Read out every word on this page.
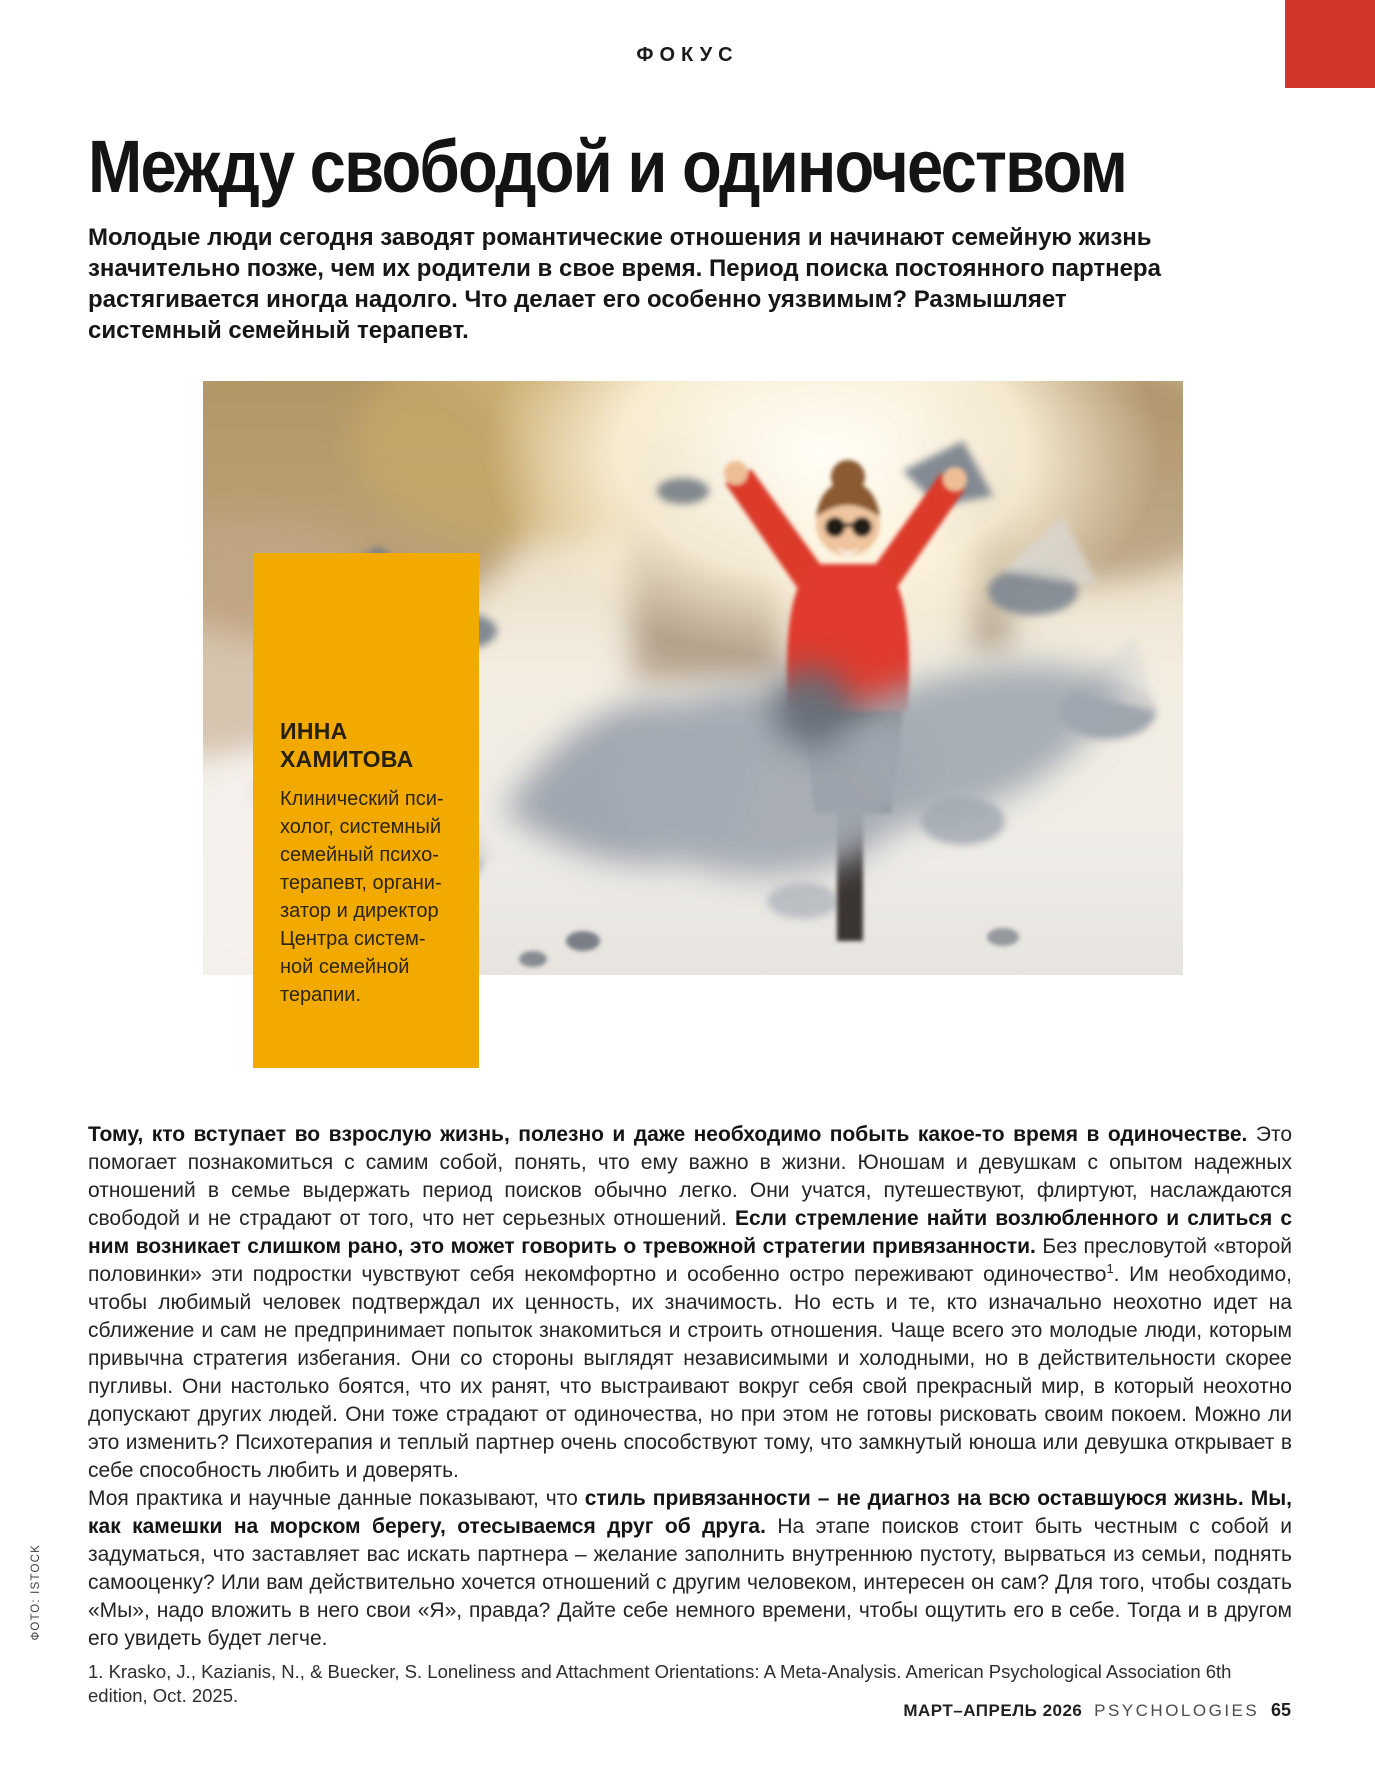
ФОКУС
Между свободой и одиночеством

Молодые люди сегодня заводят романтические отношения и начинают семейную жизнь значительно позже, чем их родители в свое время. Период поиска постоянного партнера растягивается иногда надолго. Что делает его особенно уязвимым? Размышляет системный семейный терапевт.

ИННА
ХАМИТОВА
Клинический пси-
холог, системный
семейный психо-
терапевт, органи-
затор и директор
Центра систем-
ной семейной
терапии.

Тому, кто вступает во взрослую жизнь, полезно и даже необходимо побыть какое-то время в одиночестве. Это помогает познакомиться с самим собой, понять, что ему важно в жизни. Юношам и девушкам с опытом надежных отношений в семье выдержать период поисков обычно легко. Они учатся, путешествуют, флиртуют, наслаждаются свободой и не страдают от того, что нет серьезных отношений. Если стремление найти возлюбленного и слиться с ним возникает слишком рано, это может говорить о тревожной стратегии привязанности. Без пресловутой «второй половинки» эти подростки чувствуют себя некомфортно и особенно остро переживают одиночество$^1$. Им необходимо, чтобы любимый человек подтверждал их ценность, их значимость. Но есть и те, кто изначально неохотно идет на сближение и сам не предпринимает попыток знакомиться и строить отношения. Чаще всего это молодые люди, которым привычна стратегия избегания. Они со стороны выглядят независимыми и холодными, но в действительности скорее пугливы. Они настолько боятся, что их ранят, что выстраивают вокруг себя свой прекрасный мир, в который неохотно допускают других людей. Они тоже страдают от одиночества, но при этом не готовы рисковать своим покоем. Можно ли это изменить? Психотерапия и теплый партнер очень способствуют тому, что замкнутый юноша или девушка открывает в себе способность любить и доверять.

Моя практика и научные данные показывают, что стиль привязанности – не диагноз на всю оставшуюся жизнь. Мы, как камешки на морском берегу, отесываемся друг об друга. На этапе поисков стоит быть честным с собой и задуматься, что заставляет вас искать партнера – желание заполнить внутреннюю пустоту, вырваться из семьи, поднять самооценку? Или вам действительно хочется отношений с другим человеком, интересен он сам? Для того, чтобы создать «Мы», надо вложить в него свои «Я», правда? Дайте себе немного времени, чтобы ощутить его в себе. Тогда и в другом его увидеть будет легче.

1. Krasko, J., Kazianis, N., & Buecker, S. Loneliness and Attachment Orientations: A Meta-Analysis. American Psychological Association 6th edition, Oct. 2025.
ФОТО: ISTOCK
МАРТ–АПРЕЛЬ 2026 PSYCHOLOGIES 65
